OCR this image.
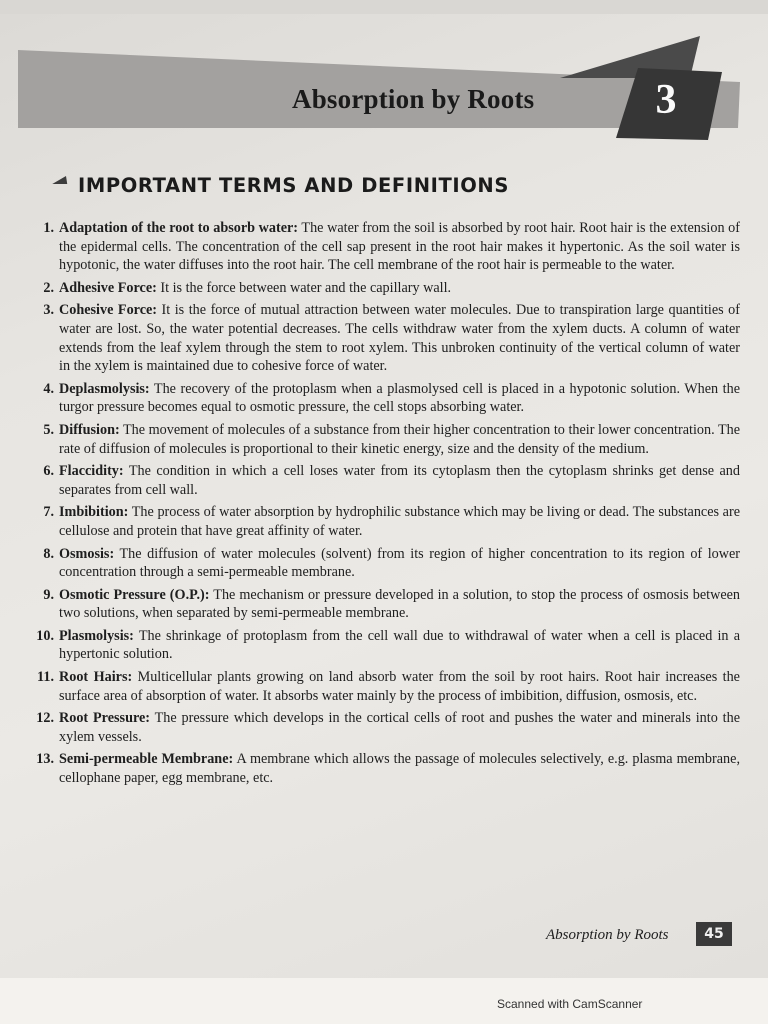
Absorption by Roots	3
IMPORTANT TERMS AND DEFINITIONS
1. Adaptation of the root to absorb water: The water from the soil is absorbed by root hair. Root hair is the extension of the epidermal cells. The concentration of the cell sap present in the root hair makes it hypertonic. As the soil water is hypotonic, the water diffuses into the root hair. The cell membrane of the root hair is permeable to the water.
2. Adhesive Force: It is the force between water and the capillary wall.
3. Cohesive Force: It is the force of mutual attraction between water molecules. Due to transpiration large quantities of water are lost. So, the water potential decreases. The cells withdraw water from the xylem ducts. A column of water extends from the leaf xylem through the stem to root xylem. This unbroken continuity of the vertical column of water in the xylem is maintained due to cohesive force of water.
4. Deplasmolysis: The recovery of the protoplasm when a plasmolysed cell is placed in a hypotonic solution. When the turgor pressure becomes equal to osmotic pressure, the cell stops absorbing water.
5. Diffusion: The movement of molecules of a substance from their higher concentration to their lower concentration. The rate of diffusion of molecules is proportional to their kinetic energy, size and the density of the medium.
6. Flaccidity: The condition in which a cell loses water from its cytoplasm then the cytoplasm shrinks get dense and separates from cell wall.
7. Imbibition: The process of water absorption by hydrophilic substance which may be living or dead. The substances are cellulose and protein that have great affinity of water.
8. Osmosis: The diffusion of water molecules (solvent) from its region of higher concentration to its region of lower concentration through a semi-permeable membrane.
9. Osmotic Pressure (O.P.): The mechanism or pressure developed in a solution, to stop the process of osmosis between two solutions, when separated by semi-permeable membrane.
10. Plasmolysis: The shrinkage of protoplasm from the cell wall due to withdrawal of water when a cell is placed in a hypertonic solution.
11. Root Hairs: Multicellular plants growing on land absorb water from the soil by root hairs. Root hair increases the surface area of absorption of water. It absorbs water mainly by the process of imbibition, diffusion, osmosis, etc.
12. Root Pressure: The pressure which develops in the cortical cells of root and pushes the water and minerals into the xylem vessels.
13. Semi-permeable Membrane: A membrane which allows the passage of molecules selectively, e.g. plasma membrane, cellophane paper, egg membrane, etc.
Absorption by Roots	45
Scanned with CamScanner
